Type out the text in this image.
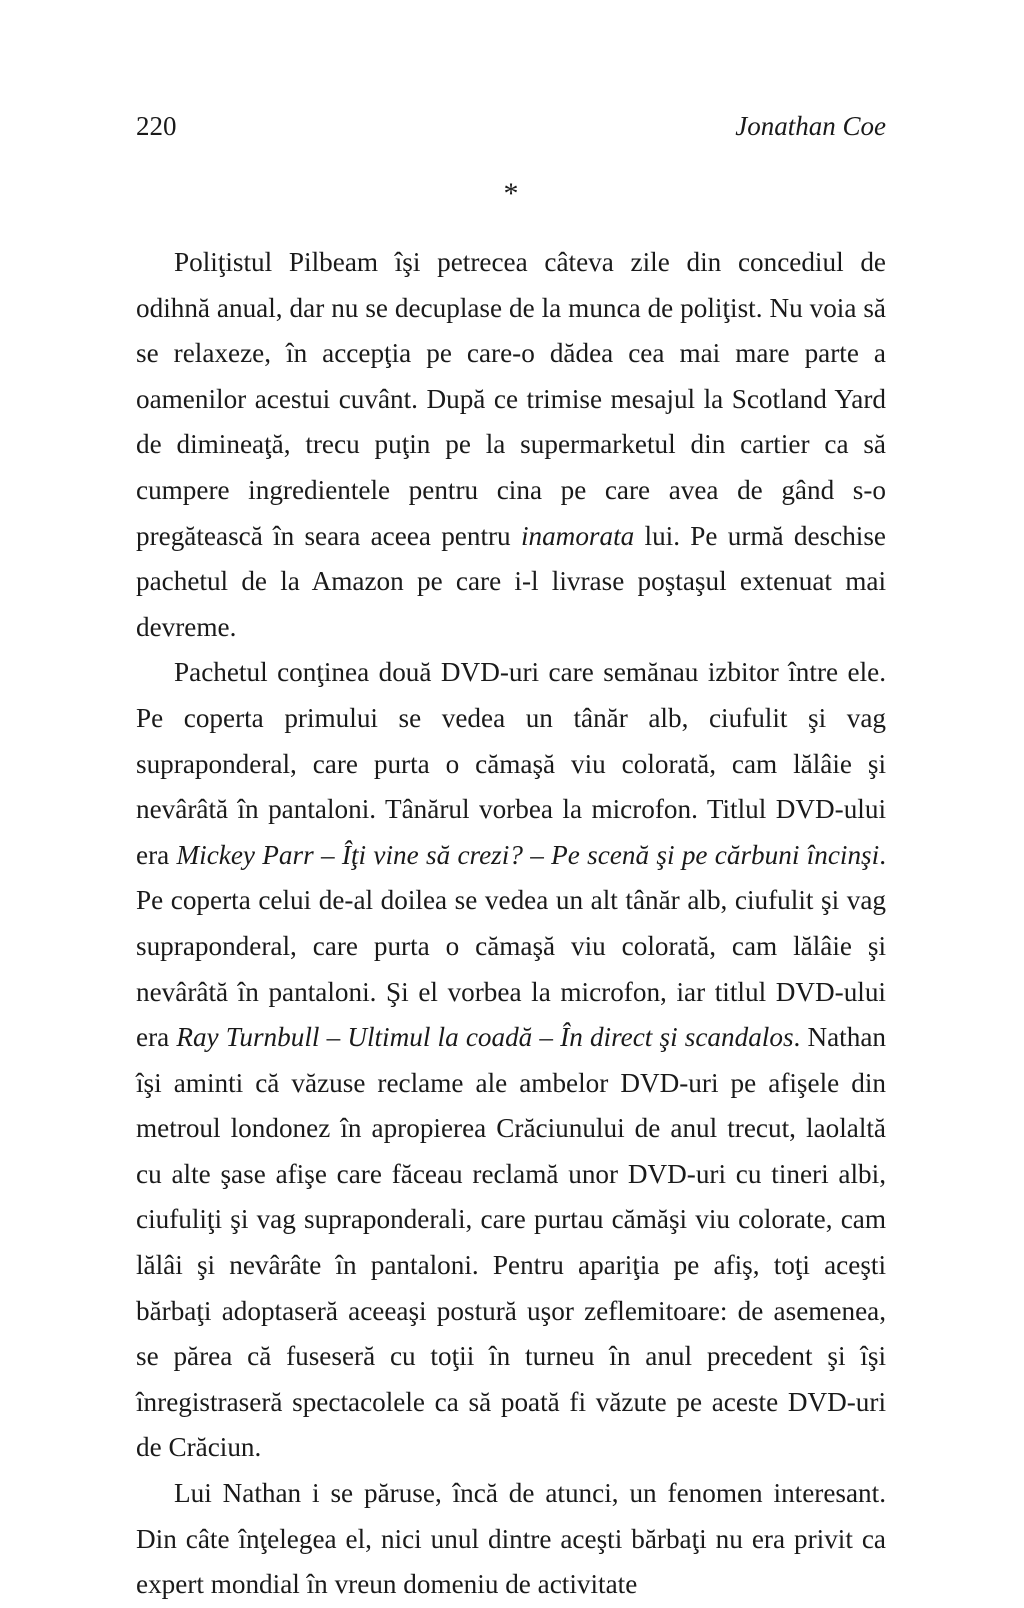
220	Jonathan Coe
*

Poliţistul Pilbeam îşi petrecea câteva zile din concediul de odihnă anual, dar nu se decuplase de la munca de poliţist. Nu voia să se relaxeze, în accepţia pe care-o dădea cea mai mare parte a oamenilor acestui cuvânt. După ce trimise mesajul la Scotland Yard de dimineaţă, trecu puţin pe la supermarketul din cartier ca să cumpere ingredientele pentru cina pe care avea de gând s-o pregătească în seara aceea pentru inamorata lui. Pe urmă deschise pachetul de la Amazon pe care i-l livrase poştaşul extenuat mai devreme.

Pachetul conţinea două DVD-uri care semănau izbitor între ele. Pe coperta primului se vedea un tânăr alb, ciufulit şi vag supraponderal, care purta o cămaşă viu colorată, cam lălâie şi nevârâtă în pantaloni. Tânărul vorbea la microfon. Titlul DVD-ului era Mickey Parr – Îţi vine să crezi? – Pe scenă şi pe cărbuni încinşi. Pe coperta celui de-al doilea se vedea un alt tânăr alb, ciufulit şi vag supraponderal, care purta o cămaşă viu colorată, cam lălâie şi nevârâtă în pantaloni. Şi el vorbea la microfon, iar titlul DVD-ului era Ray Turnbull – Ultimul la coadă – În direct şi scandalos. Nathan îşi aminti că văzuse reclame ale ambelor DVD-uri pe afişele din metroul londonez în apropierea Crăciunului de anul trecut, laolaltă cu alte şase afişe care făceau reclamă unor DVD-uri cu tineri albi, ciufuliţi şi vag supraponderali, care purtau cămăşi viu colorate, cam lălâi şi nevârâte în pantaloni. Pentru apariţia pe afiş, toţi aceşti bărbaţi adoptaseră aceeaşi postură uşor zeflemitoare: de asemenea, se părea că fuseseră cu toţii în turneu în anul precedent şi îşi înregistraseră spectacolele ca să poată fi văzute pe aceste DVD-uri de Crăciun.

Lui Nathan i se păruse, încă de atunci, un fenomen interesant. Din câte înţelegea el, nici unul dintre aceşti bărbaţi nu era privit ca expert mondial în vreun domeniu de activitate
